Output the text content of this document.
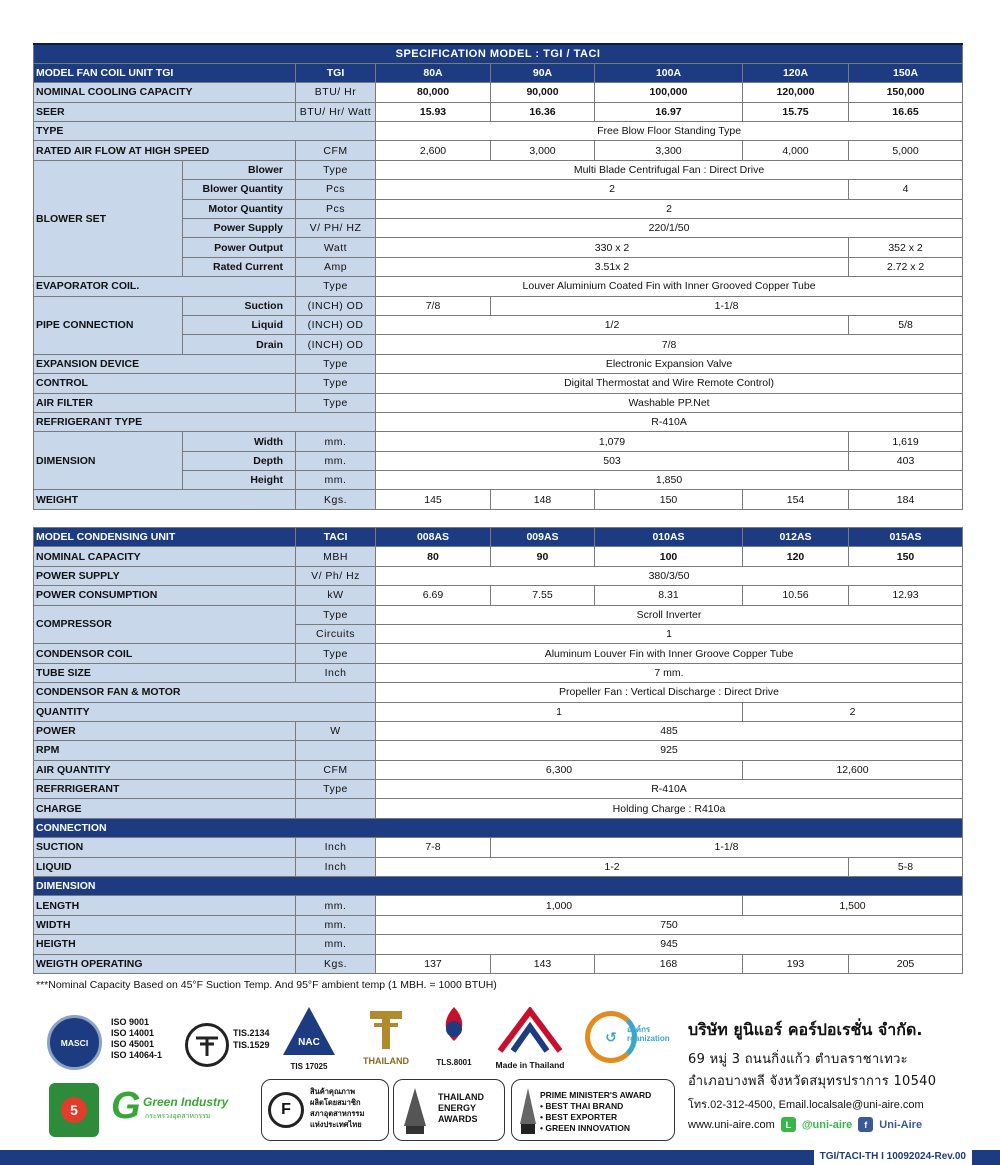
SPECIFICATION MODEL : TGI / TACI							
MODEL FAN COIL UNIT TGI		TGI	80A	90A	100A	120A	150A
NOMINAL COOLING CAPACITY		BTU/ Hr	80,000	90,000	100,000	120,000	150,000
SEER		BTU/ Hr/ Watt	15.93	16.36	16.97	15.75	16.65
TYPE			Free Blow Floor Standing Type				
RATED AIR FLOW AT HIGH SPEED		CFM	2,600	3,000	3,300	4,000	5,000
BLOWER SET	Blower	Type	Multi Blade Centrifugal Fan : Direct Drive				
	Blower Quantity	Pcs	2				4
	Motor Quantity	Pcs	2				
	Power Supply	V/ PH/ HZ	220/1/50				
	Power Output	Watt	330 x 2				352 x 2
	Rated Current	Amp	3.51x 2				2.72 x 2
EVAPORATOR COIL.		Type	Louver Aluminium Coated Fin with Inner Grooved Copper Tube				
PIPE CONNECTION	Suction	(INCH) OD	7/8	1-1/8			
	Liquid	(INCH) OD	1/2				5/8
	Drain	(INCH) OD	7/8				
EXPANSION DEVICE		Type	Electronic Expansion Valve				
CONTROL		Type	Digital Thermostat and Wire Remote Control)				
AIR FILTER		Type	Washable PP.Net				
REFRIGERANT TYPE			R-410A				
DIMENSION	Width	mm.	1,079				1,619
	Depth	mm.	503				403
	Height	mm.	1,850				
WEIGHT		Kgs.	145	148	150	154	184
MODEL CONDENSING UNIT	TACI	008AS	009AS	010AS	012AS	015AS
NOMINAL CAPACITY	MBH	80	90	100	120	150
POWER SUPPLY	V/ Ph/ Hz	380/3/50				
POWER CONSUMPTION	kW	6.69	7.55	8.31	10.56	12.93
COMPRESSOR	Type	Scroll Inverter				
	Circuits	1				
CONDENSOR COIL	Type	Aluminum Louver Fin with Inner Groove Copper Tube				
TUBE SIZE	Inch	7 mm.				
CONDENSOR FAN & MOTOR		Propeller Fan : Vertical Discharge : Direct Drive				
QUANTITY		1			2	
POWER	W	485				
RPM		925				
AIR QUANTITY	CFM	6,300			12,600	
REFRRIGERANT	Type	R-410A				
CHARGE		Holding Charge : R410a				
CONNECTION						
SUCTION	Inch	7-8	1-1/8			
LIQUID	Inch	1-2				5-8
DIMENSION						
LENGTH	mm.	1,000			1,500	
WIDTH	mm.	750				
HEIGTH	mm.	945				
WEIGTH OPERATING	Kgs.	137	143	168	193	205
***Nominal Capacity Based on 45°F Suction Temp. And 95°F ambient temp (1 MBH. = 1000 BTUH)
MASCI
ISO 9001
ISO 14001
ISO 45001
ISO 14064-1
TIS.2134
TIS.1529	NAC
TIS 17025
THAILAND	TLS.8001	Made in Thailand
↺ องค์กร
rganization
5 G Green Industry
กระทรวงอุตสาหกรรม	F
สินค้าคุณภาพ
ผลิตโดยสมาชิก
สภาอุตสาหกรรม
แห่งประเทศไทย
THAILAND
ENERGY
AWARDS
PRIME MINISTER'S AWARD
• BEST THAI BRAND
• BEST EXPORTER
• GREEN INNOVATION
บริษัท ยูนิแอร์ คอร์ปอเรชั่น จำกัด.
69 หมู่ 3 ถนนกิ่งแก้ว ตำบลราชาเทวะ
อำเภอบางพลี จังหวัดสมุทรปราการ 10540
โทร.02-312-4500, Email.localsale@uni-aire.com
www.uni-aire.com	L @uni-aire	f	Uni-Aire
TGI/TACI-TH I 10092024-Rev.00
